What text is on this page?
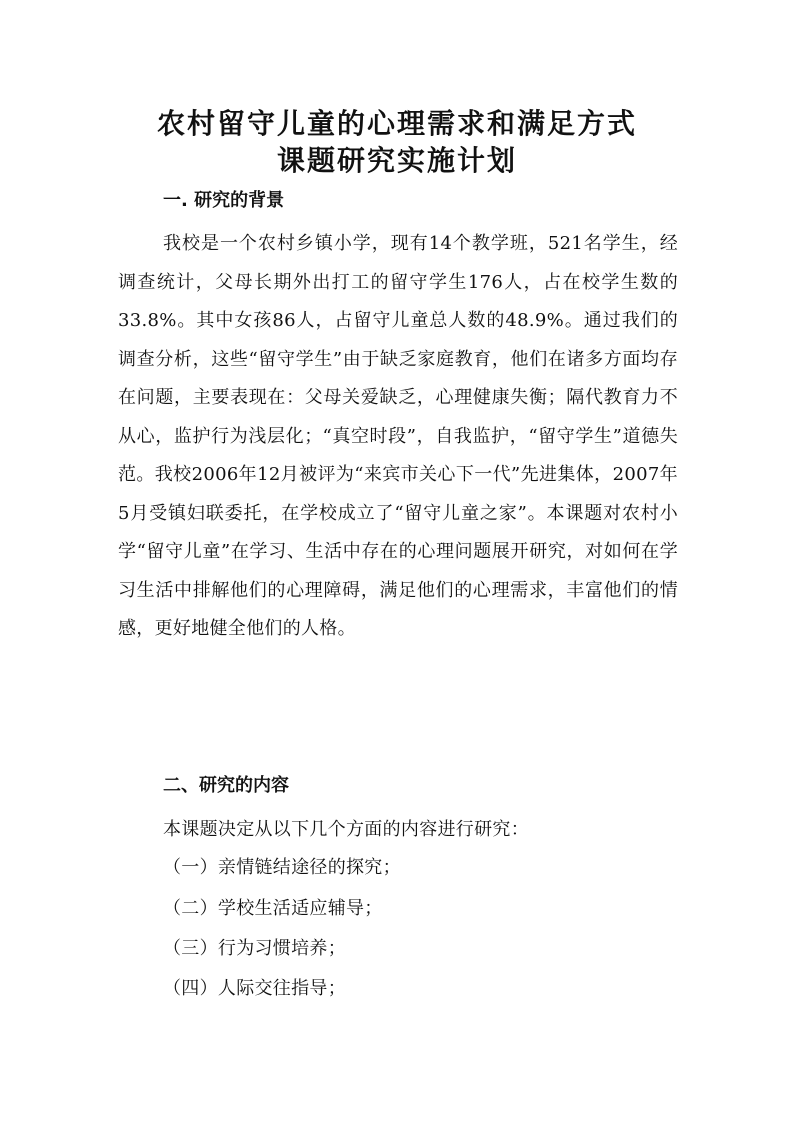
农村留守儿童的心理需求和满足方式
课题研究实施计划
一. 研究的背景

我校是一个农村乡镇小学，现有14个教学班，521名学生，经调查统计，父母长期外出打工的留守学生176人，占在校学生数的33.8%。其中女孩86人，占留守儿童总人数的48.9%。通过我们的调查分析，这些“留守学生”由于缺乏家庭教育，他们在诸多方面均存在问题，主要表现在：父母关爱缺乏，心理健康失衡；隔代教育力不从心，监护行为浅层化；“真空时段”，自我监护，“留守学生”道德失范。我校2006年12月被评为“来宾市关心下一代”先进集体，2007年5月受镇妇联委托，在学校成立了“留守儿童之家”。本课题对农村小学“留守儿童”在学习、生活中存在的心理问题展开研究，对如何在学习生活中排解他们的心理障碍，满足他们的心理需求，丰富他们的情感，更好地健全他们的人格。

二、研究的内容
本课题决定从以下几个方面的内容进行研究：
（一）亲情链结途径的探究；
（二）学校生活适应辅导；
（三）行为习惯培养；
（四）人际交往指导；
